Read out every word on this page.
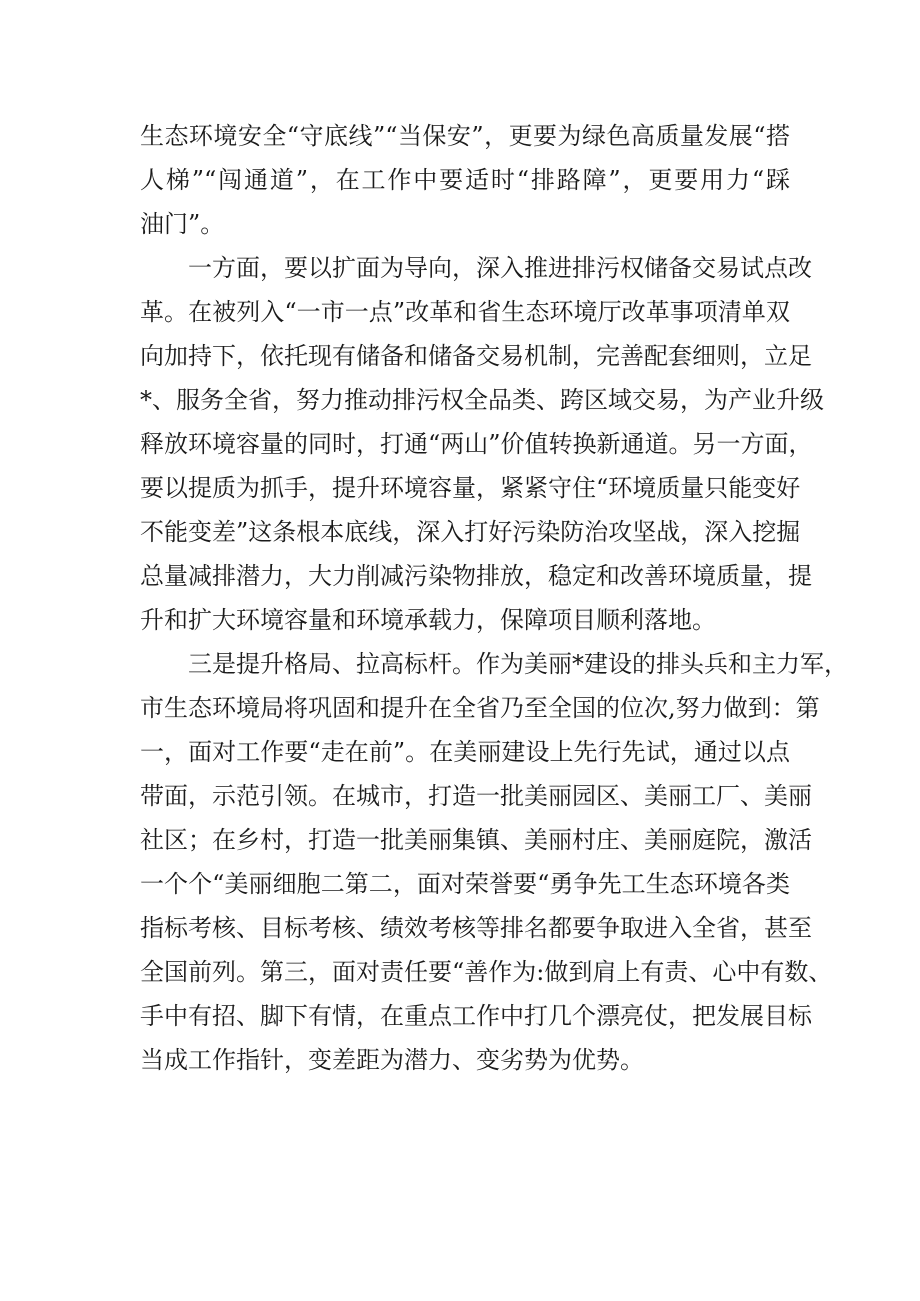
生态环境安全“守底线”“当保安”，更要为绿色高质量发展“搭
人梯”“闯通道”，在工作中要适时“排路障”，更要用力“踩
油门”。
一方面，要以扩面为导向，深入推进排污权储备交易试点改
革。在被列入“一市一点”改革和省生态环境厅改革事项清单双
向加持下，依托现有储备和储备交易机制，完善配套细则，立足
*、服务全省，努力推动排污权全品类、跨区域交易，为产业升级
释放环境容量的同时，打通“两山”价值转换新通道。另一方面，
要以提质为抓手，提升环境容量，紧紧守住“环境质量只能变好
不能变差”这条根本底线，深入打好污染防治攻坚战，深入挖掘
总量减排潜力，大力削减污染物排放，稳定和改善环境质量，提
升和扩大环境容量和环境承载力，保障项目顺利落地。
三是提升格局、拉高标杆。作为美丽*建设的排头兵和主力军，
市生态环境局将巩固和提升在全省乃至全国的位次,努力做到：第
一，面对工作要“走在前”。在美丽建设上先行先试，通过以点
带面，示范引领。在城市，打造一批美丽园区、美丽工厂、美丽
社区；在乡村，打造一批美丽集镇、美丽村庄、美丽庭院，激活
一个个“美丽细胞二第二，面对荣誉要“勇争先工生态环境各类
指标考核、目标考核、绩效考核等排名都要争取进入全省，甚至
全国前列。第三，面对责任要“善作为:做到肩上有责、心中有数、
手中有招、脚下有情，在重点工作中打几个漂亮仗，把发展目标
当成工作指针，变差距为潜力、变劣势为优势。
